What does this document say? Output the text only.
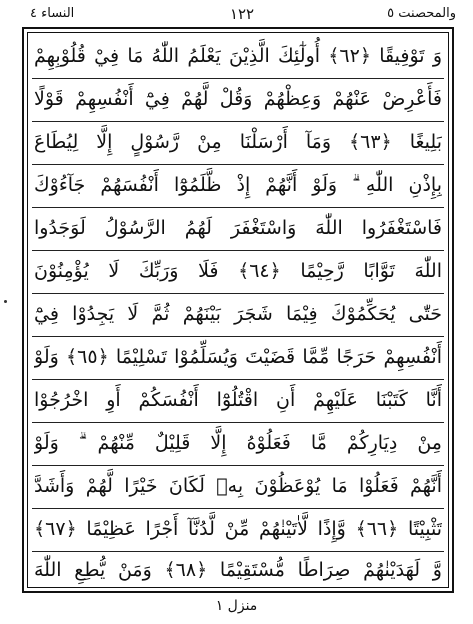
النساء ٤	١٢٢	والمحصنت ٥
وَ تَوْفِيقًا ﴿٦٢﴾ أُولٰٓئِكَ الَّذِيْنَ يَعْلَمُ اللّٰهُ مَا فِيْ قُلُوْبِهِمْ
فَأَعْرِضْ عَنْهُمْ وَعِظْهُمْ وَقُلْ لَّهُمْ فِيْٓ أَنْفُسِهِمْ قَوْلًا
بَلِيغًا ﴿٦٣﴾ وَمَآ أَرْسَلْنَا مِنْ رَّسُوْلٍ إِلَّا لِيُطَاعَ
بِإِذْنِ اللّٰهِ ۗ وَلَوْ أَنَّهُمْ إِذْ ظَّلَمُوْٓا أَنْفُسَهُمْ جَآءُوْكَ
فَاسْتَغْفَرُوا اللّٰهَ وَاسْتَغْفَرَ لَهُمُ الرَّسُوْلُ لَوَجَدُوا
اللّٰهَ تَوَّابًا رَّحِيْمًا ﴿٦٤﴾ فَلَا وَرَبِّكَ لَا يُؤْمِنُوْنَ
حَتّٰى يُحَكِّمُوْكَ فِيْمَا شَجَرَ بَيْنَهُمْ ثُمَّ لَا يَجِدُوْا فِيْٓ
أَنْفُسِهِمْ حَرَجًا مِّمَّا قَضَيْتَ وَيُسَلِّمُوْا تَسْلِيْمًا ﴿٦٥﴾ وَلَوْ
أَنَّا كَتَبْنَا عَلَيْهِمْ أَنِ اقْتُلُوْٓا أَنْفُسَكُمْ أَوِ اخْرُجُوْا
مِنْ دِيَارِكُمْ مَّا فَعَلُوْهُ إِلَّا قَلِيْلٌ مِّنْهُمْ ۗ وَلَوْ
أَنَّهُمْ فَعَلُوْا مَا يُوْعَظُوْنَ بِهٖ لَكَانَ خَيْرًا لَّهُمْ وَأَشَدَّ
تَثْبِيْتًا ﴿٦٦﴾ وَّإِذًا لَّاٰتَيْنٰهُمْ مِّنْ لَّدُنَّآ أَجْرًا عَظِيْمًا ﴿٦٧﴾
وَّ لَهَدَيْنٰهُمْ صِرَاطًا مُّسْتَقِيْمًا ﴿٦٨﴾ وَمَنْ يُّطِعِ اللّٰهَ
منزل ١
